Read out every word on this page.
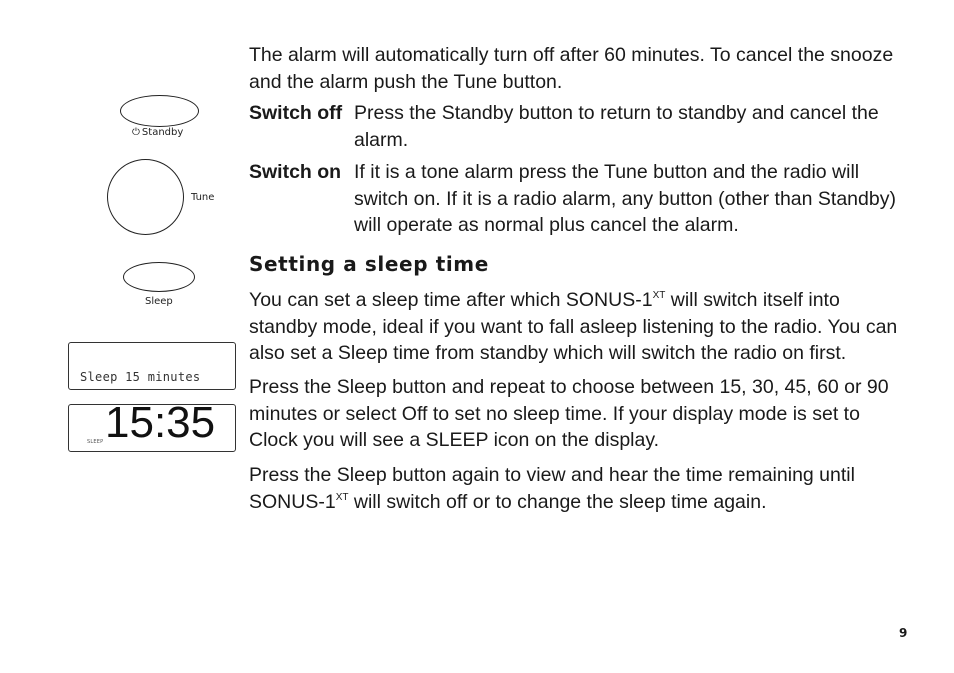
⏻ Standby
Tune
Sleep
Sleep 15 minutes
SLEEP 15:35
The alarm will automatically turn off after 60 minutes. To cancel the snooze and the alarm push the Tune button.
Switch off Press the Standby button to return to standby and cancel the alarm.
Switch on If it is a tone alarm press the Tune button and the radio will switch on. If it is a radio alarm, any button (other than Standby) will operate as normal plus cancel the alarm.
Setting a sleep time
You can set a sleep time after which SONUS-$1^{XT}$ will switch itself into standby mode, ideal if you want to fall asleep listening to the radio. You can also set a Sleep time from standby which will switch the radio on first.
Press the Sleep button and repeat to choose between 15, 30, 45, 60 or 90 minutes or select Off to set no sleep time. If your display mode is set to Clock you will see a SLEEP icon on the display.
Press the Sleep button again to view and hear the time remaining until SONUS-$1^{XT}$ will switch off or to change the sleep time again.
9
